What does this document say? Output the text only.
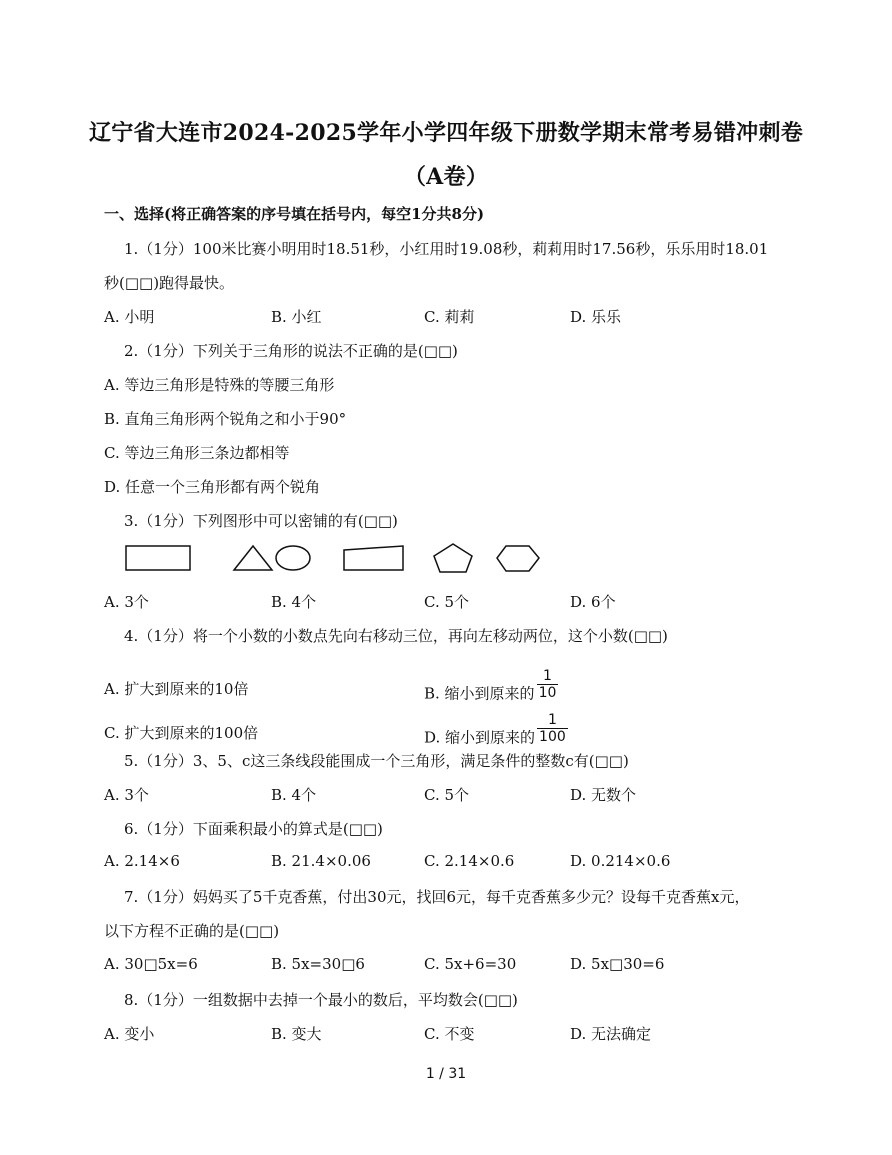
辽宁省大连市2024-2025学年小学四年级下册数学期末常考易错冲刺卷
（A卷）
一、选择(将正确答案的序号填在括号内，每空1分共8分)
1.（1分）100米比赛小明用时18.51秒，小红用时19.08秒，莉莉用时17.56秒，乐乐用时18.01
秒(□□)跑得最快。
A. 小明	B. 小红	C. 莉莉	D. 乐乐
2.（1分）下列关于三角形的说法不正确的是(□□)
A. 等边三角形是特殊的等腰三角形
B. 直角三角形两个锐角之和小于90°
C. 等边三角形三条边都相等
D. 任意一个三角形都有两个锐角
3.（1分）下列图形中可以密铺的有(□□)
A. 3个	B. 4个	C. 5个	D. 6个
4.（1分）将一个小数的小数点先向右移动三位，再向左移动两位，这个小数(□□)
A. 扩大到原来的10倍	B. 缩小到原来的 $\frac{1}{10}$
C. 扩大到原来的100倍	D. 缩小到原来的 $\frac{1}{100}$
5.（1分）3、5、c这三条线段能围成一个三角形，满足条件的整数c有(□□)
A. 3个	B. 4个	C. 5个	D. 无数个
6.（1分）下面乘积最小的算式是(□□)
A. 2.14×6	B. 21.4×0.06	C. 2.14×0.6	D. 0.214×0.6
7.（1分）妈妈买了5千克香蕉，付出30元，找回6元，每千克香蕉多少元？设每千克香蕉x元，
以下方程不正确的是(□□)
A. 30□5x=6	B. 5x=30□6	C. 5x+6=30	D. 5x□30=6
8.（1分）一组数据中去掉一个最小的数后，平均数会(□□)
A. 变小	B. 变大	C. 不变	D. 无法确定
1 / 31
